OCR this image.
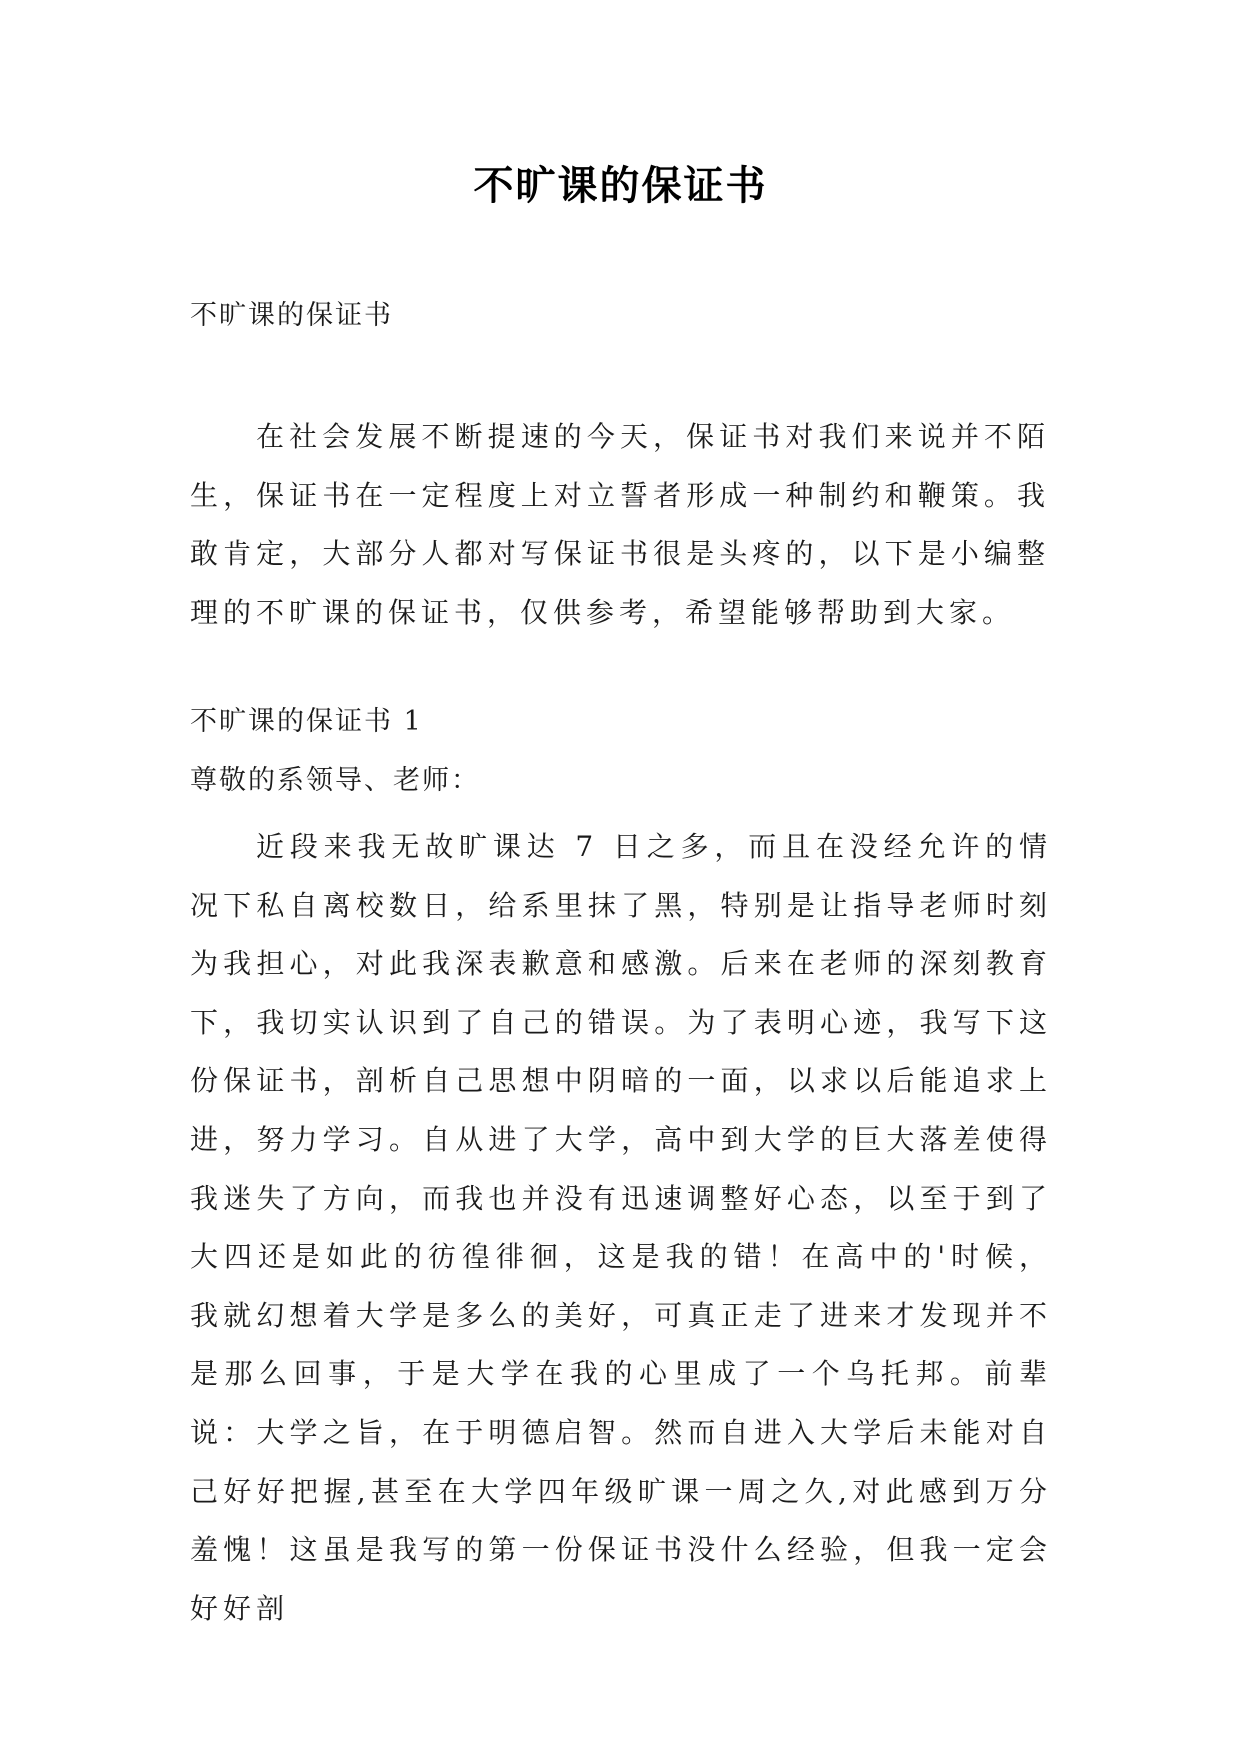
不旷课的保证书
不旷课的保证书

在社会发展不断提速的今天，保证书对我们来说并不陌生，保证书在一定程度上对立誓者形成一种制约和鞭策。我敢肯定，大部分人都对写保证书很是头疼的，以下是小编整理的不旷课的保证书，仅供参考，希望能够帮助到大家。

不旷课的保证书 1
尊敬的系领导、老师：

近段来我无故旷课达 7 日之多，而且在没经允许的情况下私自离校数日，给系里抹了黑，特别是让指导老师时刻为我担心，对此我深表歉意和感激。后来在老师的深刻教育下，我切实认识到了自己的错误。为了表明心迹，我写下这份保证书，剖析自己思想中阴暗的一面，以求以后能追求上进，努力学习。自从进了大学，高中到大学的巨大落差使得我迷失了方向，而我也并没有迅速调整好心态，以至于到了大四还是如此的彷徨徘徊，这是我的错！在高中的'时候，我就幻想着大学是多么的美好，可真正走了进来才发现并不是那么回事，于是大学在我的心里成了一个乌托邦。前辈说：大学之旨，在于明德启智。然而自进入大学后未能对自己好好把握,甚至在大学四年级旷课一周之久,对此感到万分羞愧！这虽是我写的第一份保证书没什么经验，但我一定会好好剖
